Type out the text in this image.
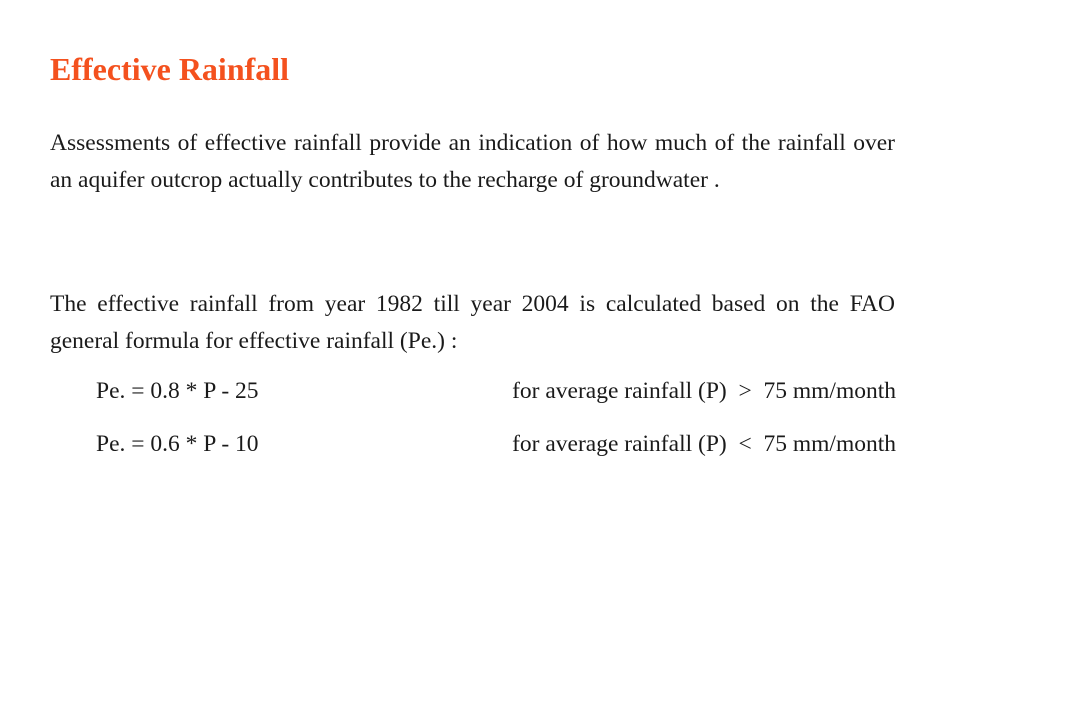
Effective Rainfall

Assessments of effective rainfall provide an indication of how much of the rainfall over an aquifer outcrop actually contributes to the recharge of groundwater .

The effective rainfall from year 1982 till year 2004 is calculated based on the FAO general formula for effective rainfall (Pe.) :

Pe. = 0.8 * P - 25	for average rainfall (P)  >  75 mm/month
Pe. = 0.6 * P - 10	for average rainfall (P)  <  75 mm/month
